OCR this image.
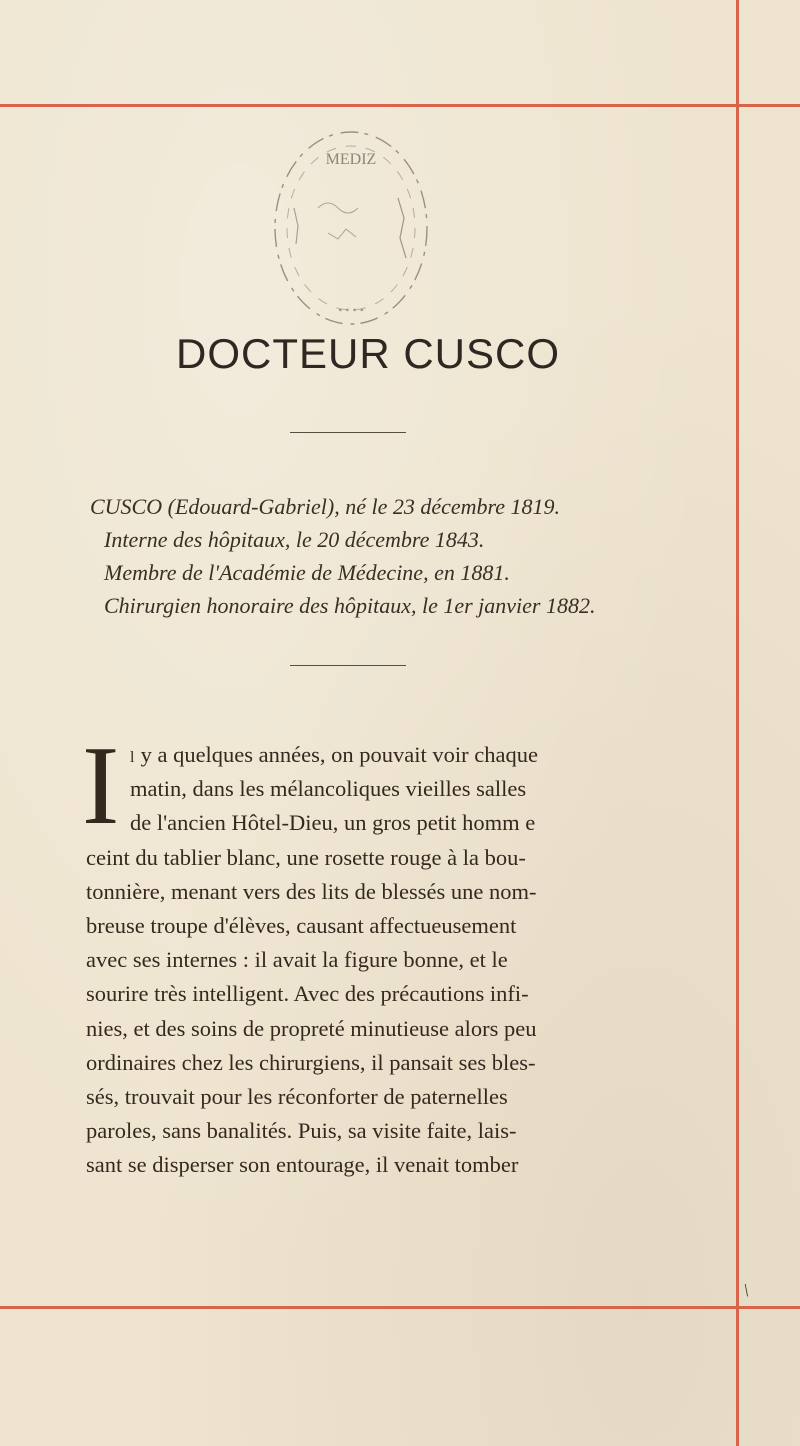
MEDIZ
• • • •
DOCTEUR CUSCO
CUSCO (Edouard-Gabriel), né le 23 décembre 1819.
Interne des hôpitaux, le 20 décembre 1843.
Membre de l'Académie de Médecine, en 1881.
Chirurgien honoraire des hôpitaux, le 1er janvier 1882.
I l y a quelques années, on pouvait voir chaque
matin, dans les mélancoliques vieilles salles
de l'ancien Hôtel-Dieu, un gros petit homm e
ceint du tablier blanc, une rosette rouge à la bou-
tonnière, menant vers des lits de blessés une nom-
breuse troupe d'élèves, causant affectueusement
avec ses internes : il avait la figure bonne, et le
sourire très intelligent. Avec des précautions infi-
nies, et des soins de propreté minutieuse alors peu
ordinaires chez les chirurgiens, il pansait ses bles-
sés, trouvait pour les réconforter de paternelles
paroles, sans banalités. Puis, sa visite faite, lais-
sant se disperser son entourage, il venait tomber
/
